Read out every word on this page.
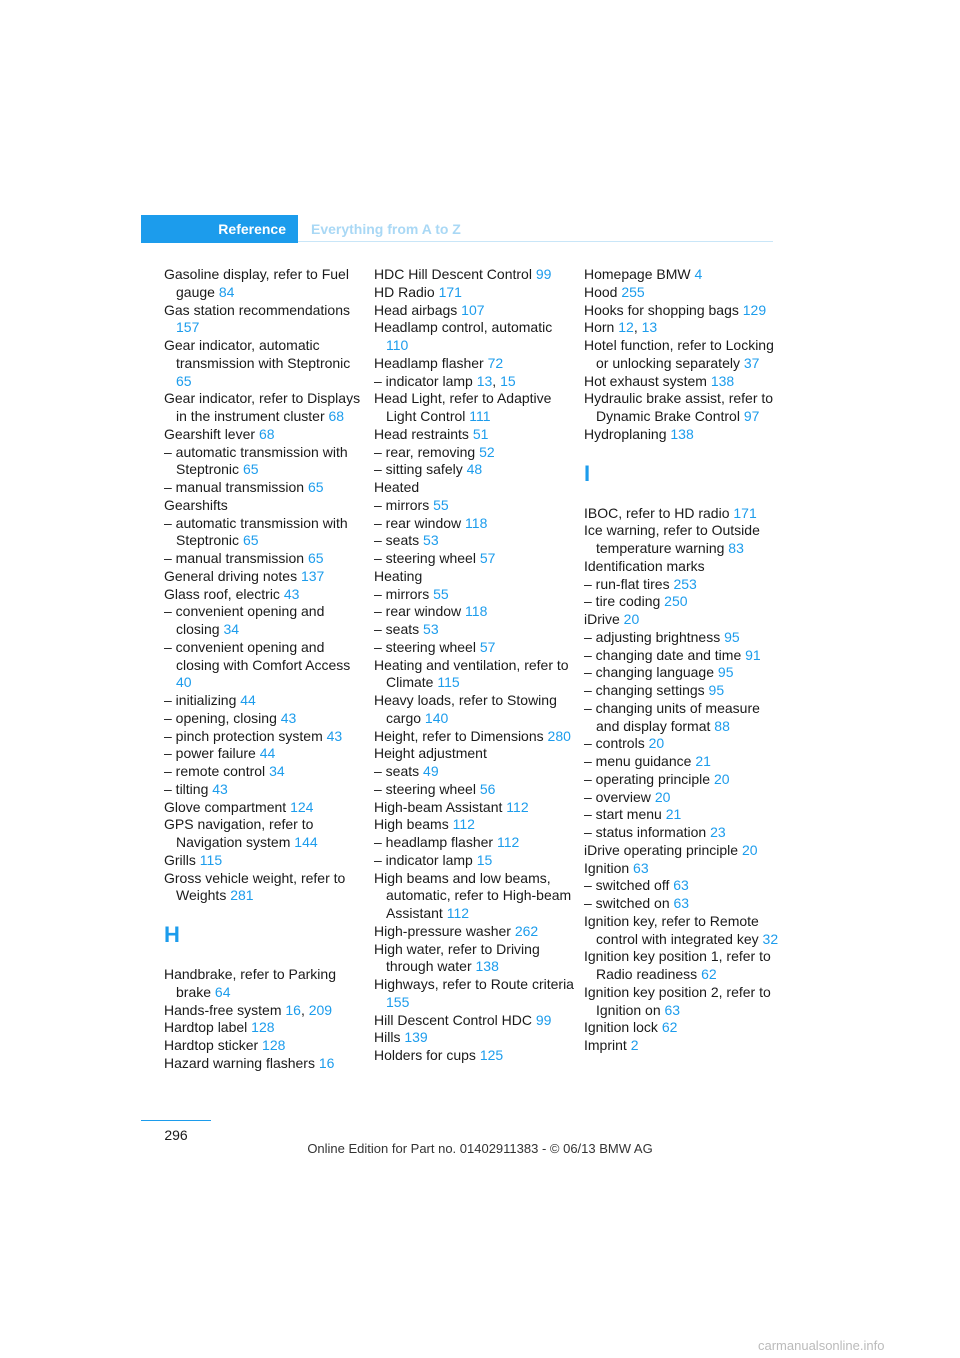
Reference	Everything from A to Z
Gasoline display, refer to Fuel gauge 84
Gas station recommendations 157
Gear indicator, automatic transmission with Steptronic 65
Gear indicator, refer to Displays in the instrument cluster 68
Gearshift lever 68
– automatic transmission with Steptronic 65
– manual transmission 65
Gearshifts
– automatic transmission with Steptronic 65
– manual transmission 65
General driving notes 137
Glass roof, electric 43
– convenient opening and closing 34
– convenient opening and closing with Comfort Access 40
– initializing 44
– opening, closing 43
– pinch protection system 43
– power failure 44
– remote control 34
– tilting 43
Glove compartment 124
GPS navigation, refer to Navigation system 144
Grills 115
Gross vehicle weight, refer to Weights 281
H
Handbrake, refer to Parking brake 64
Hands-free system 16, 209
Hardtop label 128
Hardtop sticker 128
Hazard warning flashers 16
HDC Hill Descent Control 99
HD Radio 171
Head airbags 107
Headlamp control, automatic 110
Headlamp flasher 72
– indicator lamp 13, 15
Head Light, refer to Adaptive Light Control 111
Head restraints 51
– rear, removing 52
– sitting safely 48
Heated
– mirrors 55
– rear window 118
– seats 53
– steering wheel 57
Heating
– mirrors 55
– rear window 118
– seats 53
– steering wheel 57
Heating and ventilation, refer to Climate 115
Heavy loads, refer to Stowing cargo 140
Height, refer to Dimensions 280
Height adjustment
– seats 49
– steering wheel 56
High-beam Assistant 112
High beams 112
– headlamp flasher 112
– indicator lamp 15
High beams and low beams, automatic, refer to High-beam Assistant 112
High-pressure washer 262
High water, refer to Driving through water 138
Highways, refer to Route criteria 155
Hill Descent Control HDC 99
Hills 139
Holders for cups 125
Homepage BMW 4
Hood 255
Hooks for shopping bags 129
Horn 12, 13
Hotel function, refer to Locking or unlocking separately 37
Hot exhaust system 138
Hydraulic brake assist, refer to Dynamic Brake Control 97
Hydroplaning 138
I
IBOC, refer to HD radio 171
Ice warning, refer to Outside temperature warning 83
Identification marks
– run-flat tires 253
– tire coding 250
iDrive 20
– adjusting brightness 95
– changing date and time 91
– changing language 95
– changing settings 95
– changing units of measure and display format 88
– controls 20
– menu guidance 21
– operating principle 20
– overview 20
– start menu 21
– status information 23
iDrive operating principle 20
Ignition 63
– switched off 63
– switched on 63
Ignition key, refer to Remote control with integrated key 32
Ignition key position 1, refer to Radio readiness 62
Ignition key position 2, refer to Ignition on 63
Ignition lock 62
Imprint 2
296
Online Edition for Part no. 01402911383 - © 06/13 BMW AG
carmanualsonline.info
